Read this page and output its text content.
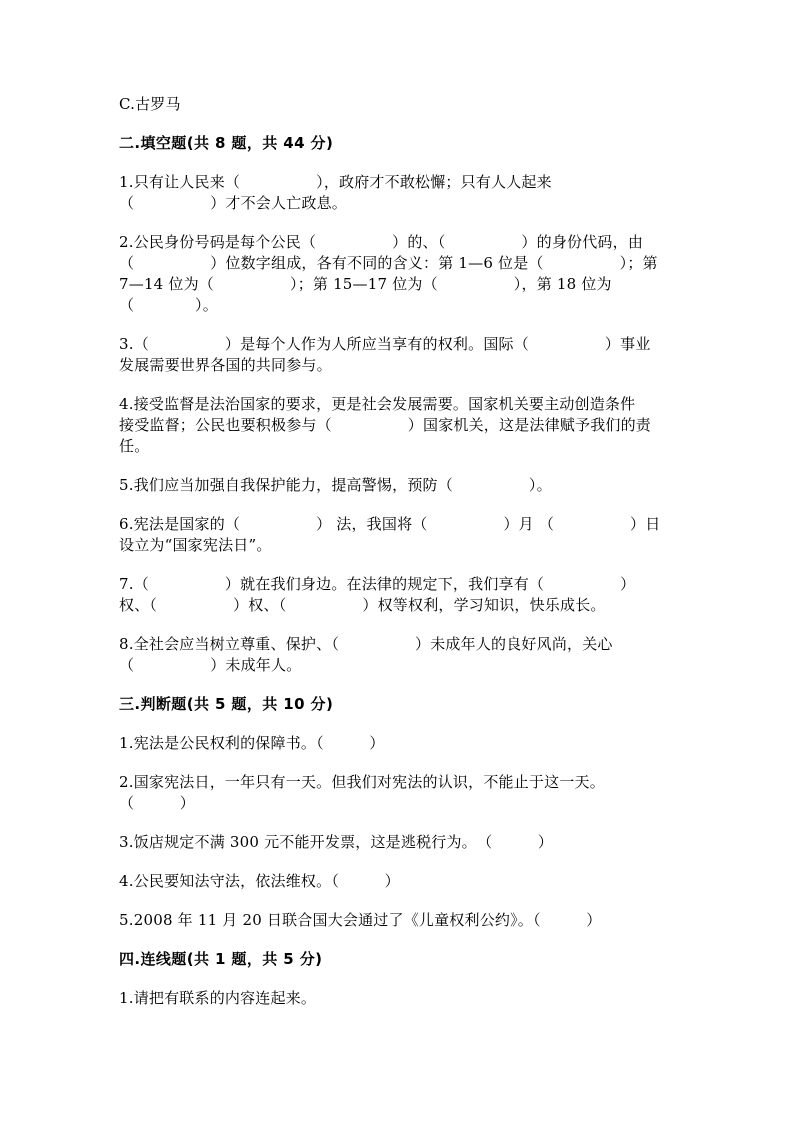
C.古罗马
二.填空题(共 8 题，共 44 分)
1.只有让人民来（　　　　　），政府才不敢松懈；只有人人起来
（　　　　　）才不会人亡政息。
2.公民身份号码是每个公民（　　　　　）的、（　　　　　）的身份代码，由
（　　　　　）位数字组成，各有不同的含义：第 1—6 位是（　　　　　）；第
7—14 位为（　　　　　）；第 15—17 位为（　　　　　），第 18 位为
（　　　　）。
3.（　　　　　）是每个人作为人所应当享有的权利。国际（　　　　　）事业
发展需要世界各国的共同参与。
4.接受监督是法治国家的要求，更是社会发展需要。国家机关要主动创造条件
接受监督；公民也要积极参与（　　　　　）国家机关，这是法律赋予我们的责
任。
5.我们应当加强自我保护能力，提高警惕，预防（　　　　　）。
6.宪法是国家的（　　　　　） 法，我国将（　　　　　）月 （　　　　　）日
设立为“国家宪法日”。
7.（　　　　　）就在我们身边。在法律的规定下，我们享有（　　　　　）
权、（　　　　　）权、（　　　　　）权等权利，学习知识，快乐成长。
8.全社会应当树立尊重、保护、（　　　　　）未成年人的良好风尚，关心
（　　　　　）未成年人。
三.判断题(共 5 题，共 10 分)
1.宪法是公民权利的保障书。（　　　）
2.国家宪法日，一年只有一天。但我们对宪法的认识，不能止于这一天。
（　　　）
3.饭店规定不满 300 元不能开发票，这是逃税行为。　（　　　）
4.公民要知法守法，依法维权。（　　　）
5.2008 年 11 月 20 日联合国大会通过了《儿童权利公约》。（　　　）
四.连线题(共 1 题，共 5 分)
1.请把有联系的内容连起来。
